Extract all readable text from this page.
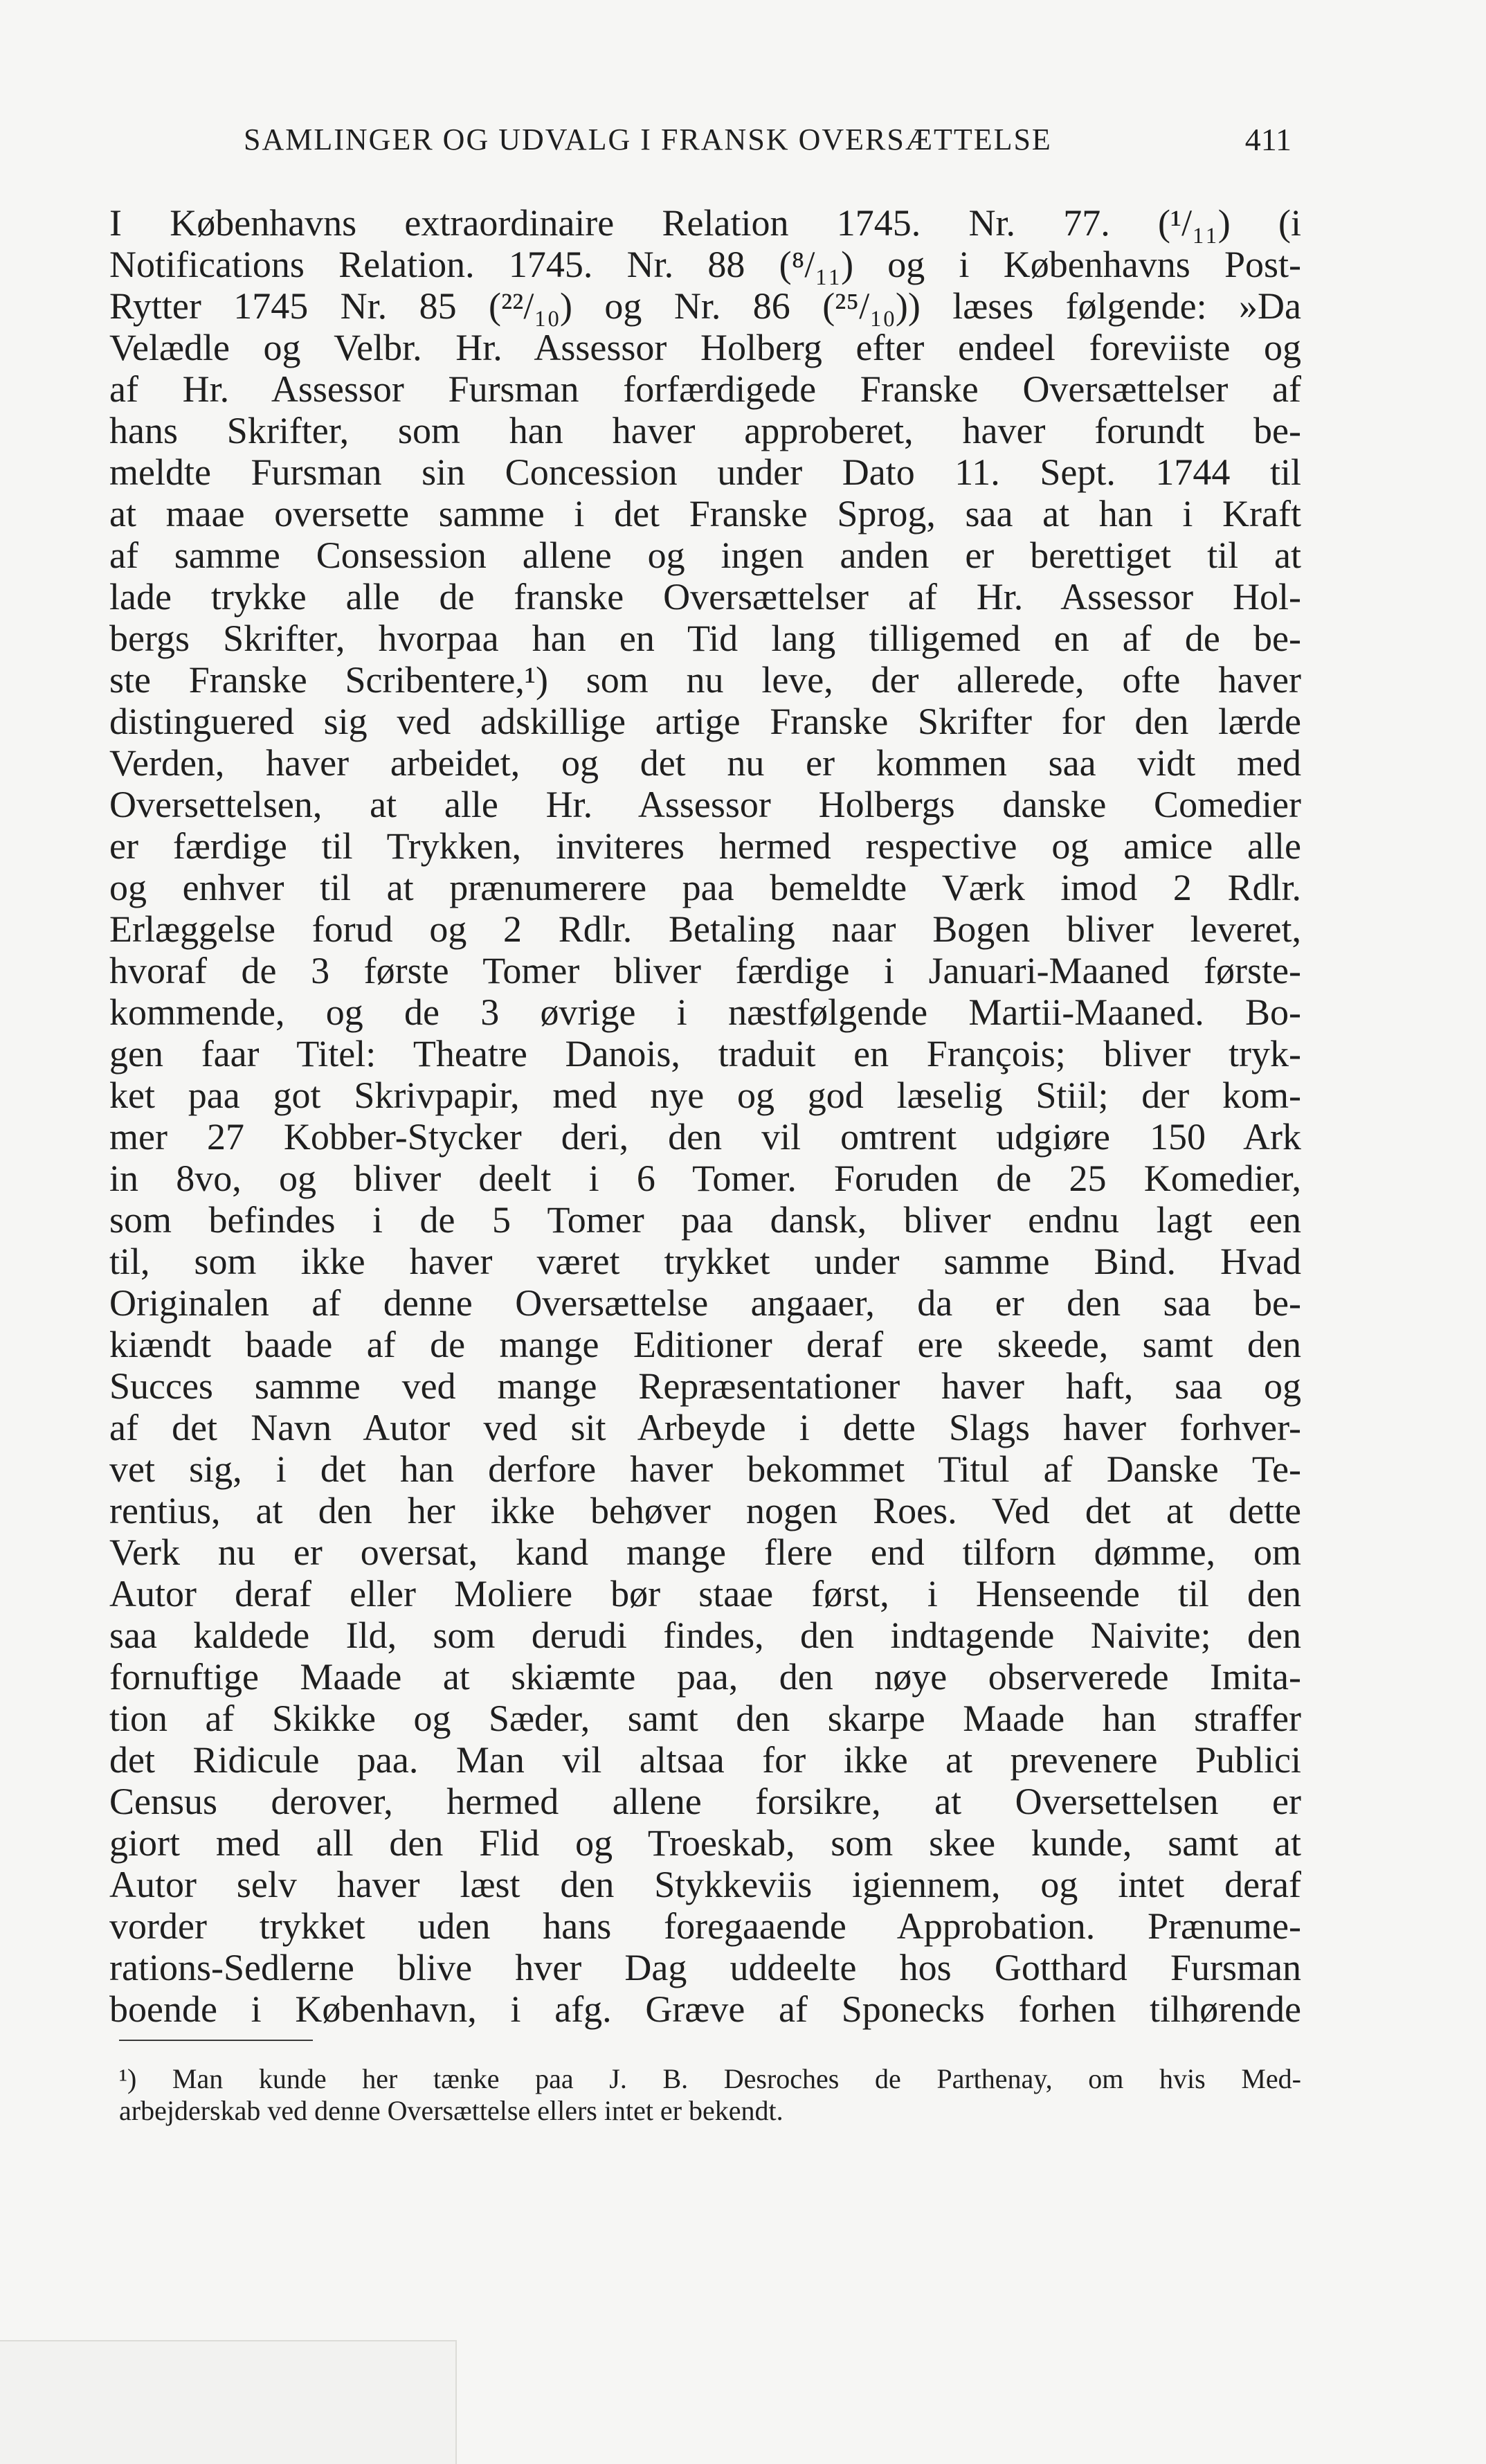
SAMLINGER OG UDVALG I FRANSK OVERSÆTTELSE	411
I Københavns extraordinaire Relation 1745. Nr. 77. (¹/₁₁) (i
Notifications Relation. 1745. Nr. 88 (⁸/₁₁) og i Københavns Post-
Rytter 1745 Nr. 85 (²²/₁₀) og Nr. 86 (²⁵/₁₀)) læses følgende: »Da
Velædle og Velbr. Hr. Assessor Holberg efter endeel foreviiste og
af Hr. Assessor Fursman forfærdigede Franske Oversættelser af
hans Skrifter, som han haver approberet, haver forundt be-
meldte Fursman sin Concession under Dato 11. Sept. 1744 til
at maae oversette samme i det Franske Sprog, saa at han i Kraft
af samme Consession allene og ingen anden er berettiget til at
lade trykke alle de franske Oversættelser af Hr. Assessor Hol-
bergs Skrifter, hvorpaa han en Tid lang tilligemed en af de be-
ste Franske Scribentere,¹) som nu leve, der allerede, ofte haver
distinguered sig ved adskillige artige Franske Skrifter for den lærde
Verden, haver arbeidet, og det nu er kommen saa vidt med
Oversettelsen, at alle Hr. Assessor Holbergs danske Comedier
er færdige til Trykken, inviteres hermed respective og amice alle
og enhver til at prænumerere paa bemeldte Værk imod 2 Rdlr.
Erlæggelse forud og 2 Rdlr. Betaling naar Bogen bliver leveret,
hvoraf de 3 første Tomer bliver færdige i Januari-Maaned første-
kommende, og de 3 øvrige i næstfølgende Martii-Maaned. Bo-
gen faar Titel: Theatre Danois, traduit en François; bliver tryk-
ket paa got Skrivpapir, med nye og god læselig Stiil; der kom-
mer 27 Kobber-Stycker deri, den vil omtrent udgiøre 150 Ark
in 8vo, og bliver deelt i 6 Tomer. Foruden de 25 Komedier,
som befindes i de 5 Tomer paa dansk, bliver endnu lagt een
til, som ikke haver været trykket under samme Bind. Hvad
Originalen af denne Oversættelse angaaer, da er den saa be-
kiændt baade af de mange Editioner deraf ere skeede, samt den
Succes samme ved mange Repræsentationer haver haft, saa og
af det Navn Autor ved sit Arbeyde i dette Slags haver forhver-
vet sig, i det han derfore haver bekommet Titul af Danske Te-
rentius, at den her ikke behøver nogen Roes. Ved det at dette
Verk nu er oversat, kand mange flere end tilforn dømme, om
Autor deraf eller Moliere bør staae først, i Henseende til den
saa kaldede Ild, som derudi findes, den indtagende Naivite; den
fornuftige Maade at skiæmte paa, den nøye observerede Imita-
tion af Skikke og Sæder, samt den skarpe Maade han straffer
det Ridicule paa. Man vil altsaa for ikke at prevenere Publici
Census derover, hermed allene forsikre, at Oversettelsen er
giort med all den Flid og Troeskab, som skee kunde, samt at
Autor selv haver læst den Stykkeviis igiennem, og intet deraf
vorder trykket uden hans foregaaende Approbation. Prænume-
rations-Sedlerne blive hver Dag uddeelte hos Gotthard Fursman
boende i København, i afg. Græve af Sponecks forhen tilhørende
¹) Man kunde her tænke paa J. B. Desroches de Parthenay, om hvis Med-
arbejderskab ved denne Oversættelse ellers intet er bekendt.
